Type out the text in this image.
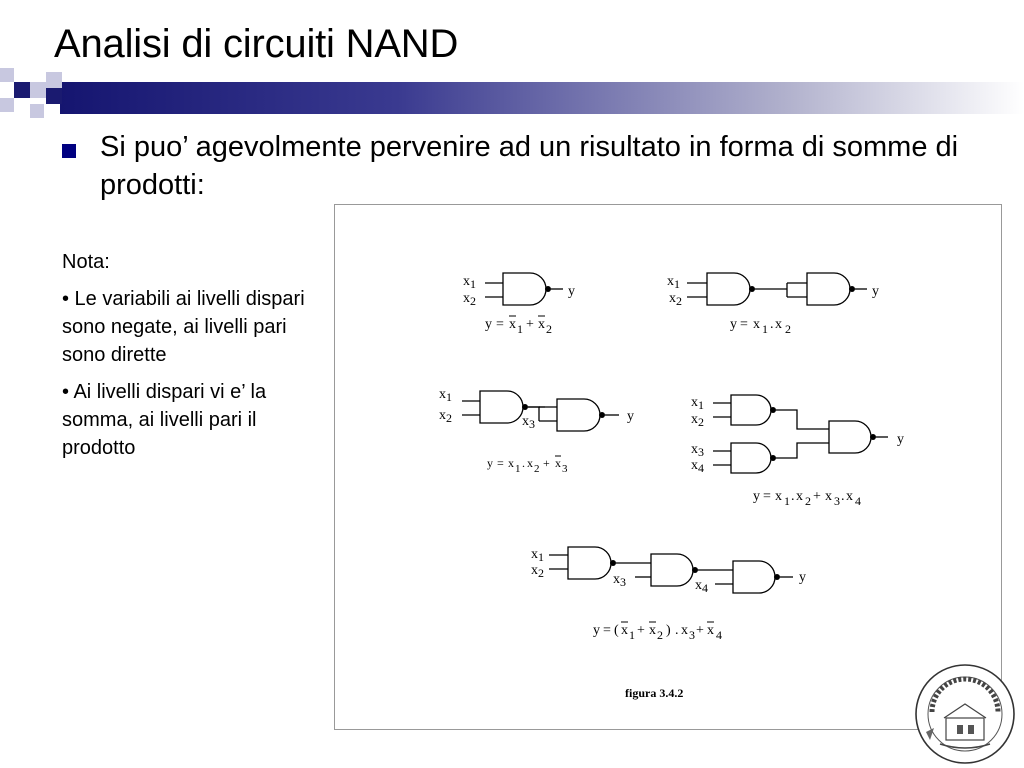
Analisi di circuiti NAND
Si puo’ agevolmente pervenire ad un risultato in forma di somme di prodotti:

Nota:

• Le variabili ai livelli dispari sono negate, ai livelli pari sono dirette

• Ai livelli dispari vi e’ la somma, ai livelli pari il prodotto

x1
x2
y
y = x 1 + x 2
x1
x2
y
y = x 1 . x 2
x1
x2	x3	y
y = x 1 . x 2 + x 3
x1
x2
x3
x4
y
y = x 1 . x 2 + x 3 . x 4
x1
x2	x3	x4
y
y = ( x 1 + x 2 ) . x 3 + x 4
figura 3.4.2
